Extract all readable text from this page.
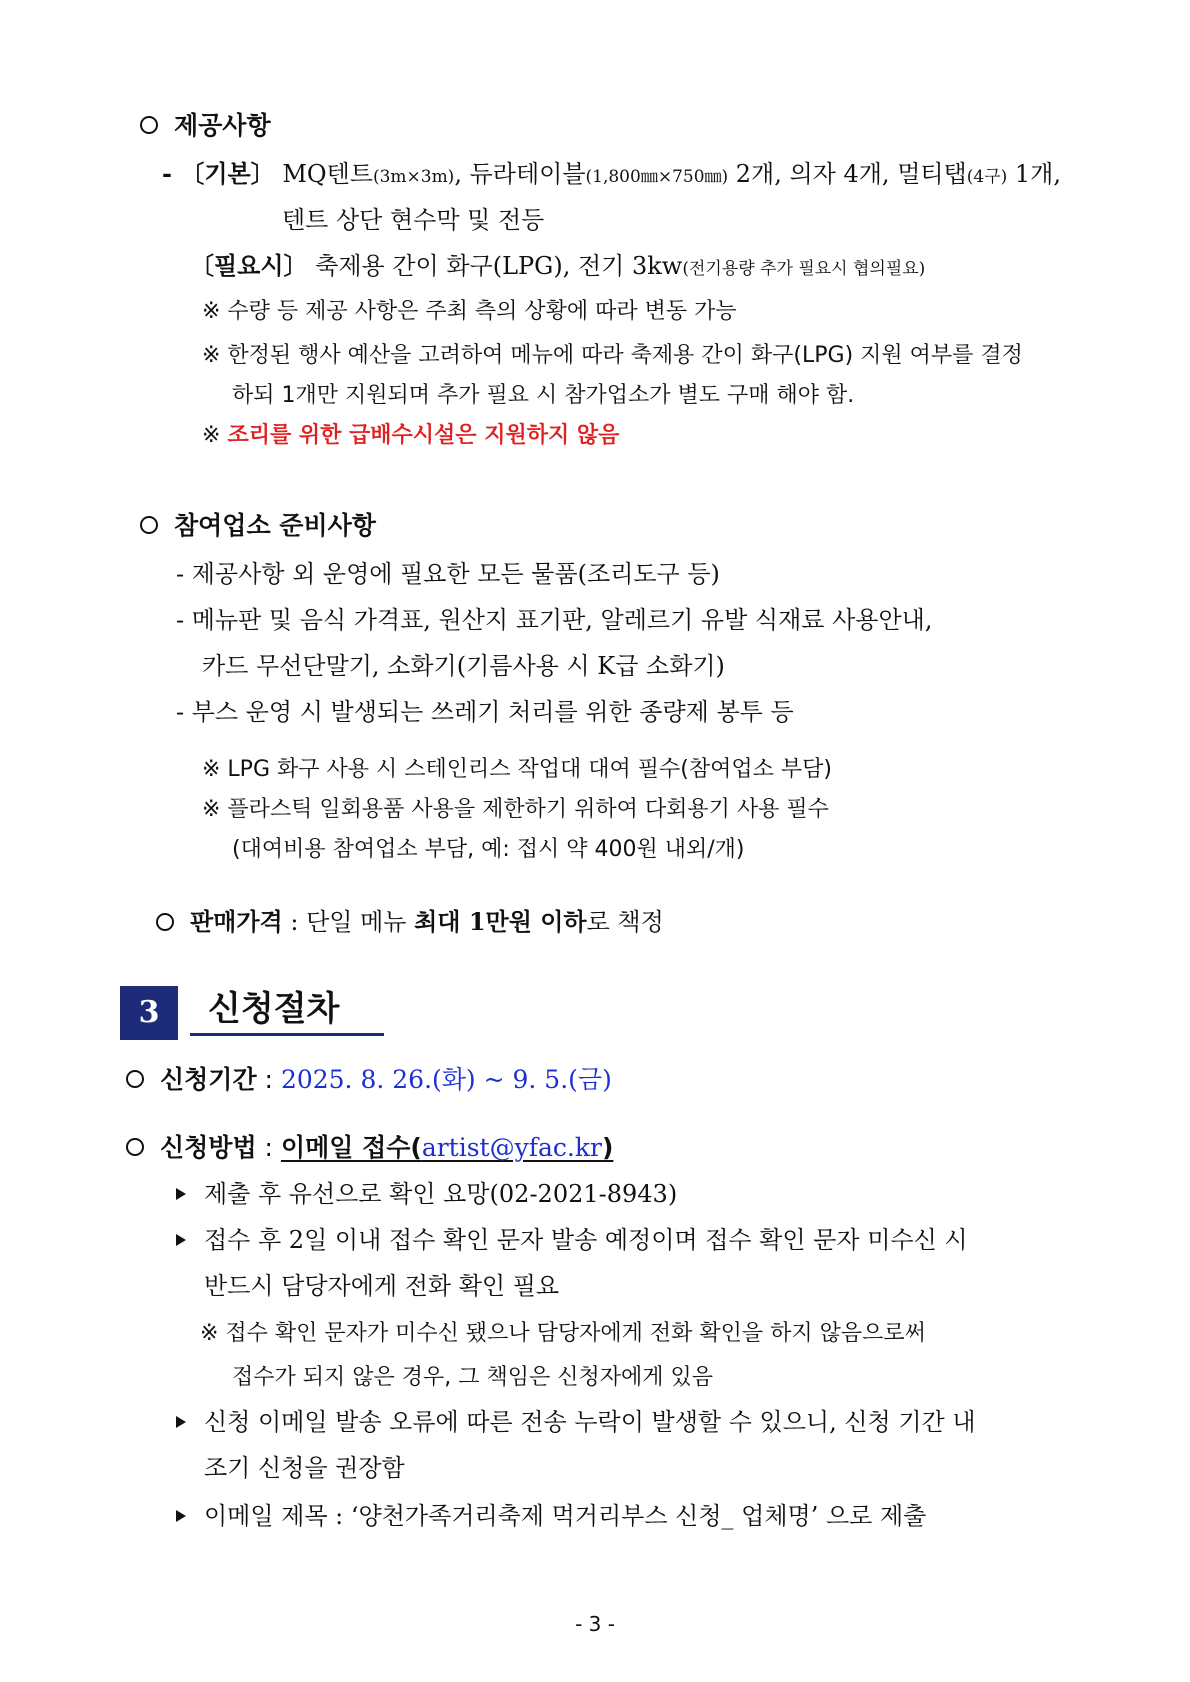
제공사항
- 〔기본〕 MQ텐트(3m×3m), 듀라테이블(1,800㎜×750㎜) 2개, 의자 4개, 멀티탭(4구) 1개,
텐트 상단 현수막 및 전등
〔필요시〕 축제용 간이 화구(LPG), 전기 3kw(전기용량 추가 필요시 협의필요)
※ 수량 등 제공 사항은 주최 측의 상황에 따라 변동 가능
※ 한정된 행사 예산을 고려하여 메뉴에 따라 축제용 간이 화구(LPG) 지원 여부를 결정
하되 1개만 지원되며 추가 필요 시 참가업소가 별도 구매 해야 함.
※ 조리를 위한 급배수시설은 지원하지 않음
참여업소 준비사항
- 제공사항 외 운영에 필요한 모든 물품(조리도구 등)
- 메뉴판 및 음식 가격표, 원산지 표기판, 알레르기 유발 식재료 사용안내,
카드 무선단말기, 소화기(기름사용 시 K급 소화기)
- 부스 운영 시 발생되는 쓰레기 처리를 위한 종량제 봉투 등
※ LPG 화구 사용 시 스테인리스 작업대 대여 필수(참여업소 부담)
※ 플라스틱 일회용품 사용을 제한하기 위하여 다회용기 사용 필수
(대여비용 참여업소 부담, 예: 접시 약 400원 내외/개)
판매가격 : 단일 메뉴 최대 1만원 이하로 책정
3	신청절차
신청기간 : 2025. 8. 26.(화) ~ 9. 5.(금)
신청방법 : 이메일 접수(artist@yfac.kr)
제출 후 유선으로 확인 요망(02-2021-8943)
접수 후 2일 이내 접수 확인 문자 발송 예정이며 접수 확인 문자 미수신 시
반드시 담당자에게 전화 확인 필요
※ 접수 확인 문자가 미수신 됐으나 담당자에게 전화 확인을 하지 않음으로써
접수가 되지 않은 경우, 그 책임은 신청자에게 있음
신청 이메일 발송 오류에 따른 전송 누락이 발생할 수 있으니, 신청 기간 내
조기 신청을 권장함
이메일 제목 : ‘양천가족거리축제 먹거리부스 신청_ 업체명’ 으로 제출
- 3 -
